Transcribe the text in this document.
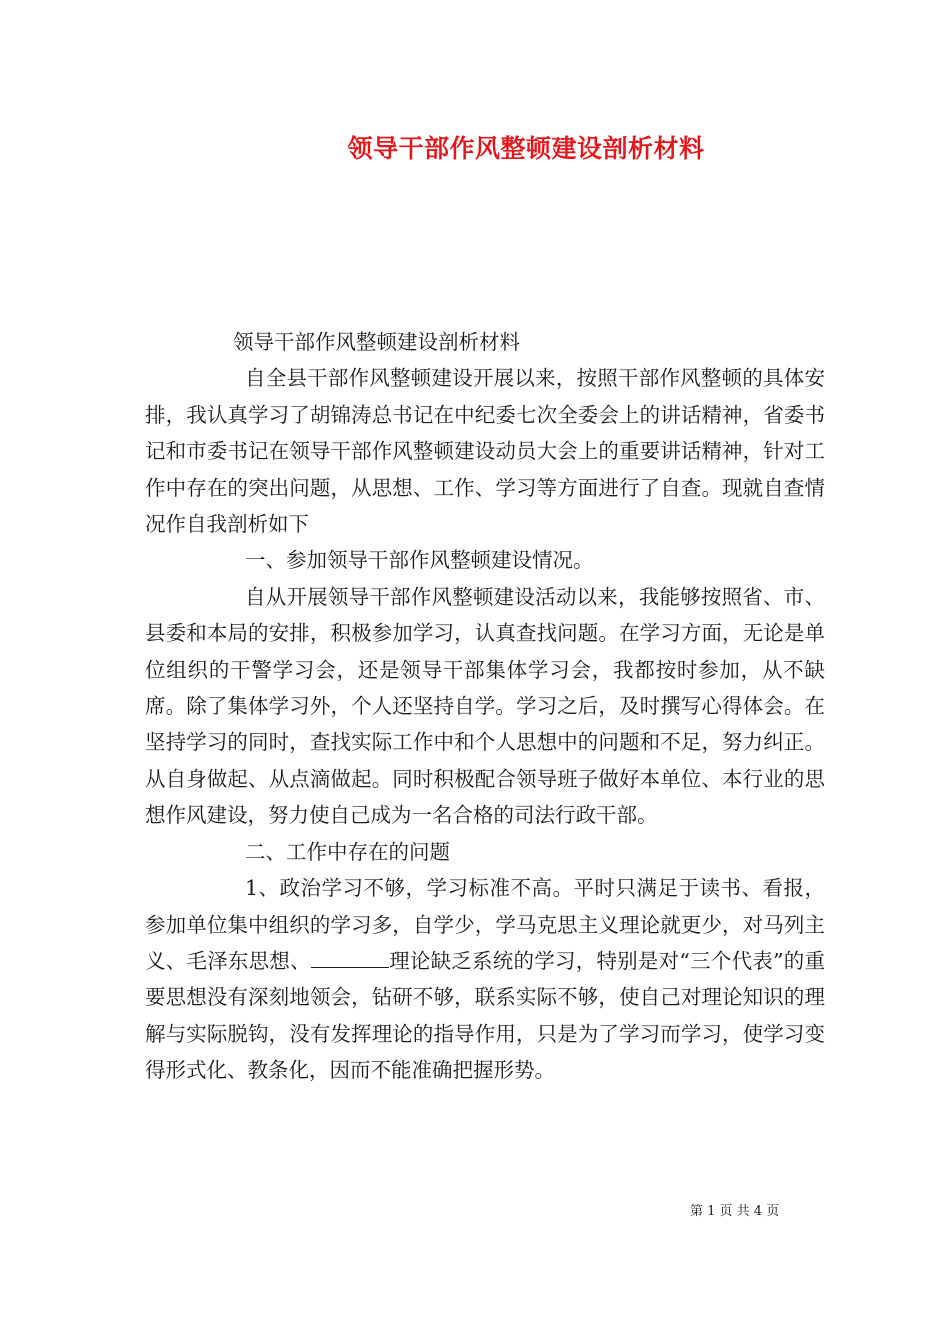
领导干部作风整顿建设剖析材料

领导干部作风整顿建设剖析材料

自全县干部作风整顿建设开展以来，按照干部作风整顿的具体安排，我认真学习了胡锦涛总书记在中纪委七次全委会上的讲话精神，省委书记和市委书记在领导干部作风整顿建设动员大会上的重要讲话精神，针对工作中存在的突出问题，从思想、工作、学习等方面进行了自查。现就自查情况作自我剖析如下

一、参加领导干部作风整顿建设情况。

自从开展领导干部作风整顿建设活动以来，我能够按照省、市、县委和本局的安排，积极参加学习，认真查找问题。在学习方面，无论是单位组织的干警学习会，还是领导干部集体学习会，我都按时参加，从不缺席。除了集体学习外，个人还坚持自学。学习之后，及时撰写心得体会。在坚持学习的同时，查找实际工作中和个人思想中的问题和不足，努力纠正。从自身做起、从点滴做起。同时积极配合领导班子做好本单位、本行业的思想作风建设，努力使自己成为一名合格的司法行政干部。

二、工作中存在的问题

1、政治学习不够，学习标准不高。平时只满足于读书、看报，参加单位集中组织的学习多，自学少，学马克思主义理论就更少，对马列主义、毛泽东思想、	理论缺乏系统的学习，特别是对“三个代表”的重要思想没有深刻地领会，钻研不够，联系实际不够，使自己对理论知识的理解与实际脱钩，没有发挥理论的指导作用，只是为了学习而学习，使学习变得形式化、教条化，因而不能准确把握形势。

第 1 页 共 4 页
